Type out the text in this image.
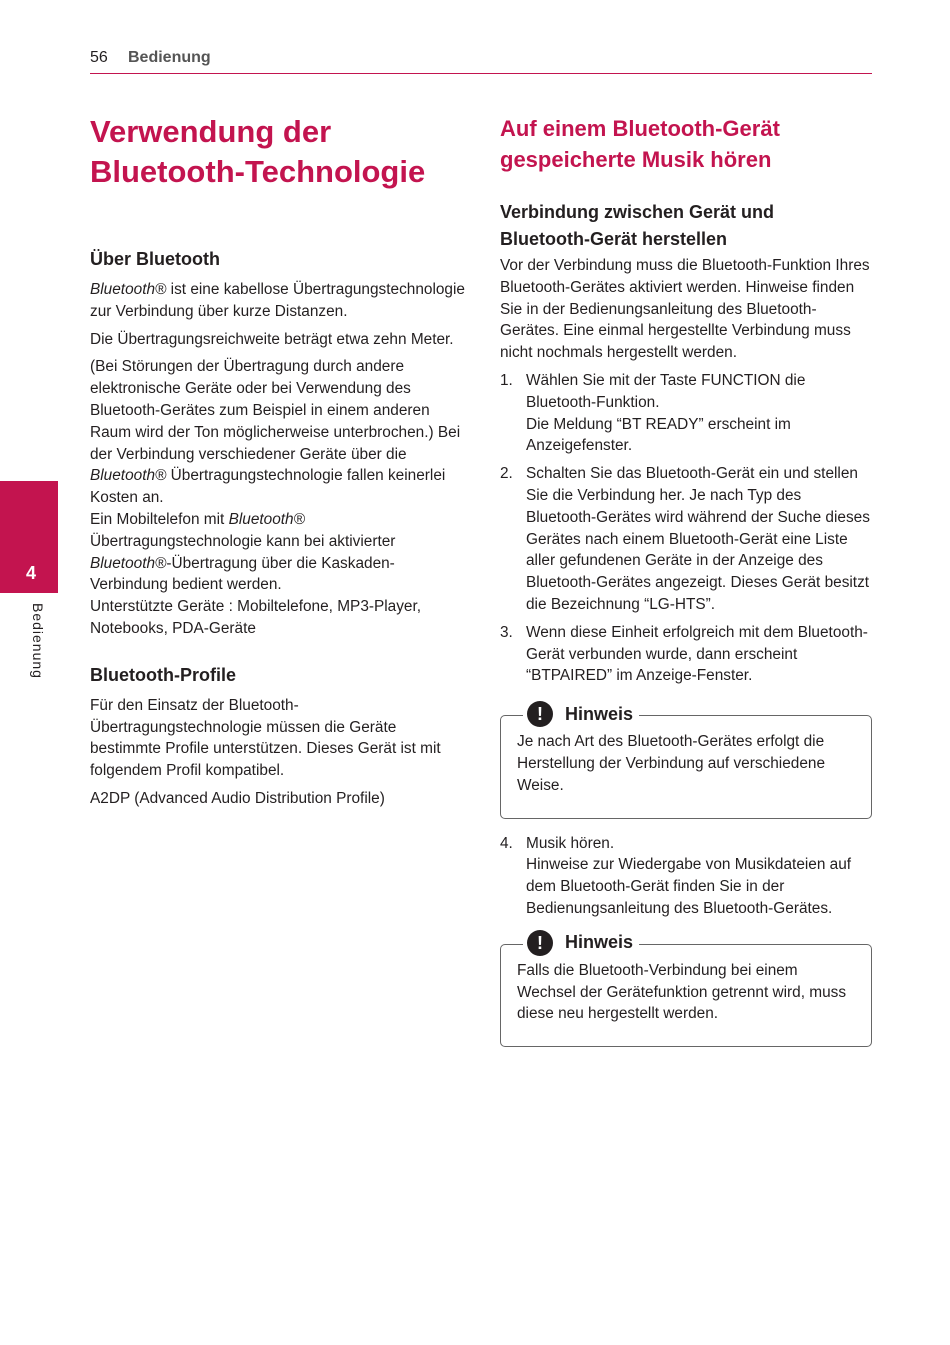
56 Bedienung
4
Bedienung
Verwendung der
Bluetooth-Technologie
Über Bluetooth

Bluetooth® ist eine kabellose Übertragungstechnologie zur Verbindung über kurze Distanzen.

Die Übertragungsreichweite beträgt etwa zehn Meter.

(Bei Störungen der Übertragung durch andere elektronische Geräte oder bei Verwendung des Bluetooth-Gerätes zum Beispiel in einem anderen Raum wird der Ton möglicherweise unterbrochen.) Bei der Verbindung verschiedener Geräte über die Bluetooth® Übertragungstechnologie fallen keinerlei Kosten an.
Ein Mobiltelefon mit Bluetooth® Übertragungstechnologie kann bei aktivierter Bluetooth®-Übertragung über die Kaskaden-Verbindung bedient werden.
Unterstützte Geräte : Mobiltelefone, MP3-Player, Notebooks, PDA-Geräte

Bluetooth-Profile

Für den Einsatz der Bluetooth-Übertragungstechnologie müssen die Geräte bestimmte Profile unterstützen. Dieses Gerät ist mit folgendem Profil kompatibel.

A2DP (Advanced Audio Distribution Profile)

Auf einem Bluetooth-Gerät
gespeicherte Musik hören
Verbindung zwischen Gerät und
Bluetooth-Gerät herstellen

Vor der Verbindung muss die Bluetooth-Funktion Ihres Bluetooth-Gerätes aktiviert werden. Hinweise finden Sie in der Bedienungsanleitung des Bluetooth-Gerätes. Eine einmal hergestellte Verbindung muss nicht nochmals hergestellt werden.

1. Wählen Sie mit der Taste FUNCTION die Bluetooth-Funktion.
Die Meldung “BT READY” erscheint im Anzeigefenster.
2. Schalten Sie das Bluetooth-Gerät ein und stellen Sie die Verbindung her. Je nach Typ des Bluetooth-Gerätes wird während der Suche dieses Gerätes nach einem Bluetooth-Gerät eine Liste aller gefundenen Geräte in der Anzeige des Bluetooth-Gerätes angezeigt. Dieses Gerät besitzt die Bezeichnung “LG-HTS”.
3. Wenn diese Einheit erfolgreich mit dem Bluetooth-Gerät verbunden wurde, dann erscheint “BTPAIRED” im Anzeige-Fenster.
!	Hinweis

Je nach Art des Bluetooth-Gerätes erfolgt die Herstellung der Verbindung auf verschiedene Weise.

4. Musik hören.
Hinweise zur Wiedergabe von Musikdateien auf dem Bluetooth-Gerät finden Sie in der Bedienungsanleitung des Bluetooth-Gerätes.
!	Hinweis

Falls die Bluetooth-Verbindung bei einem Wechsel der Gerätefunktion getrennt wird, muss diese neu hergestellt werden.
